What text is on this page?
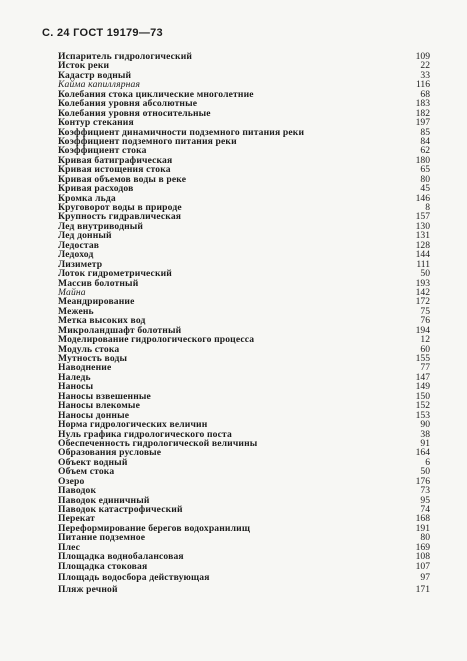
С. 24 ГОСТ 19179—73
Испаритель гидрологический	109
Исток реки	22
Кадастр водный	33
Кайма капиллярная	116
Колебания стока циклические многолетние	68
Колебания уровня абсолютные	183
Колебания уровня относительные	182
Контур стекания	197
Коэффициент динамичности подземного питания реки	85
Коэффициент подземного питания реки	84
Коэффициент стока	62
Кривая батиграфическая	180
Кривая истощения стока	65
Кривая объемов воды в реке	80
Кривая расходов	45
Кромка льда	146
Круговорот воды в природе	8
Крупность гидравлическая	157
Лед внутриводный	130
Лед донный	131
Ледостав	128
Ледоход	144
Лизиметр	111
Лоток гидрометрический	50
Массив болотный	193
Майна	142
Меандрирование	172
Межень	75
Метка высоких вод	76
Микроландшафт болотный	194
Моделирование гидрологического процесса	12
Модуль стока	60
Мутность воды	155
Наводнение	77
Наледь	147
Наносы	149
Наносы взвешенные	150
Наносы влекомые	152
Наносы донные	153
Норма гидрологических величин	90
Нуль графика гидрологического поста	38
Обеспеченность гидрологической величины	91
Образования русловые	164
Объект водный	6
Объем стока	50
Озеро	176
Паводок	73
Паводок единичный	95
Паводок катастрофический	74
Перекат	168
Переформирование берегов водохранилищ	191
Питание подземное	80
Плес	169
Площадка воднобалансовая	108
Площадка стоковая	107
Площадь водосбора действующая	97
Пляж речной	171
